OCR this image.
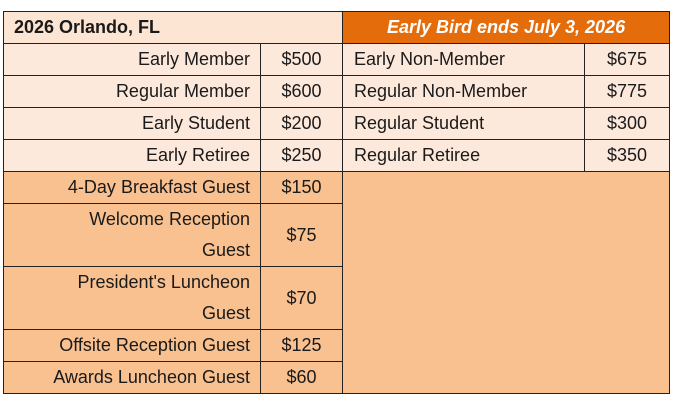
2026 Orlando, FL		Early Bird ends July 3, 2026	
Early Member	$500	Early Non-Member	$675
Regular Member	$600	Regular Non-Member	$775
Early Student	$200	Regular Student	$300
Early Retiree	$250	Regular Retiree	$350
4-Day Breakfast Guest	$150		

Welcome Reception
Guest	$75		

President's Luncheon
Guest	$70		
Offsite Reception Guest	$125		
Awards Luncheon Guest	$60		
